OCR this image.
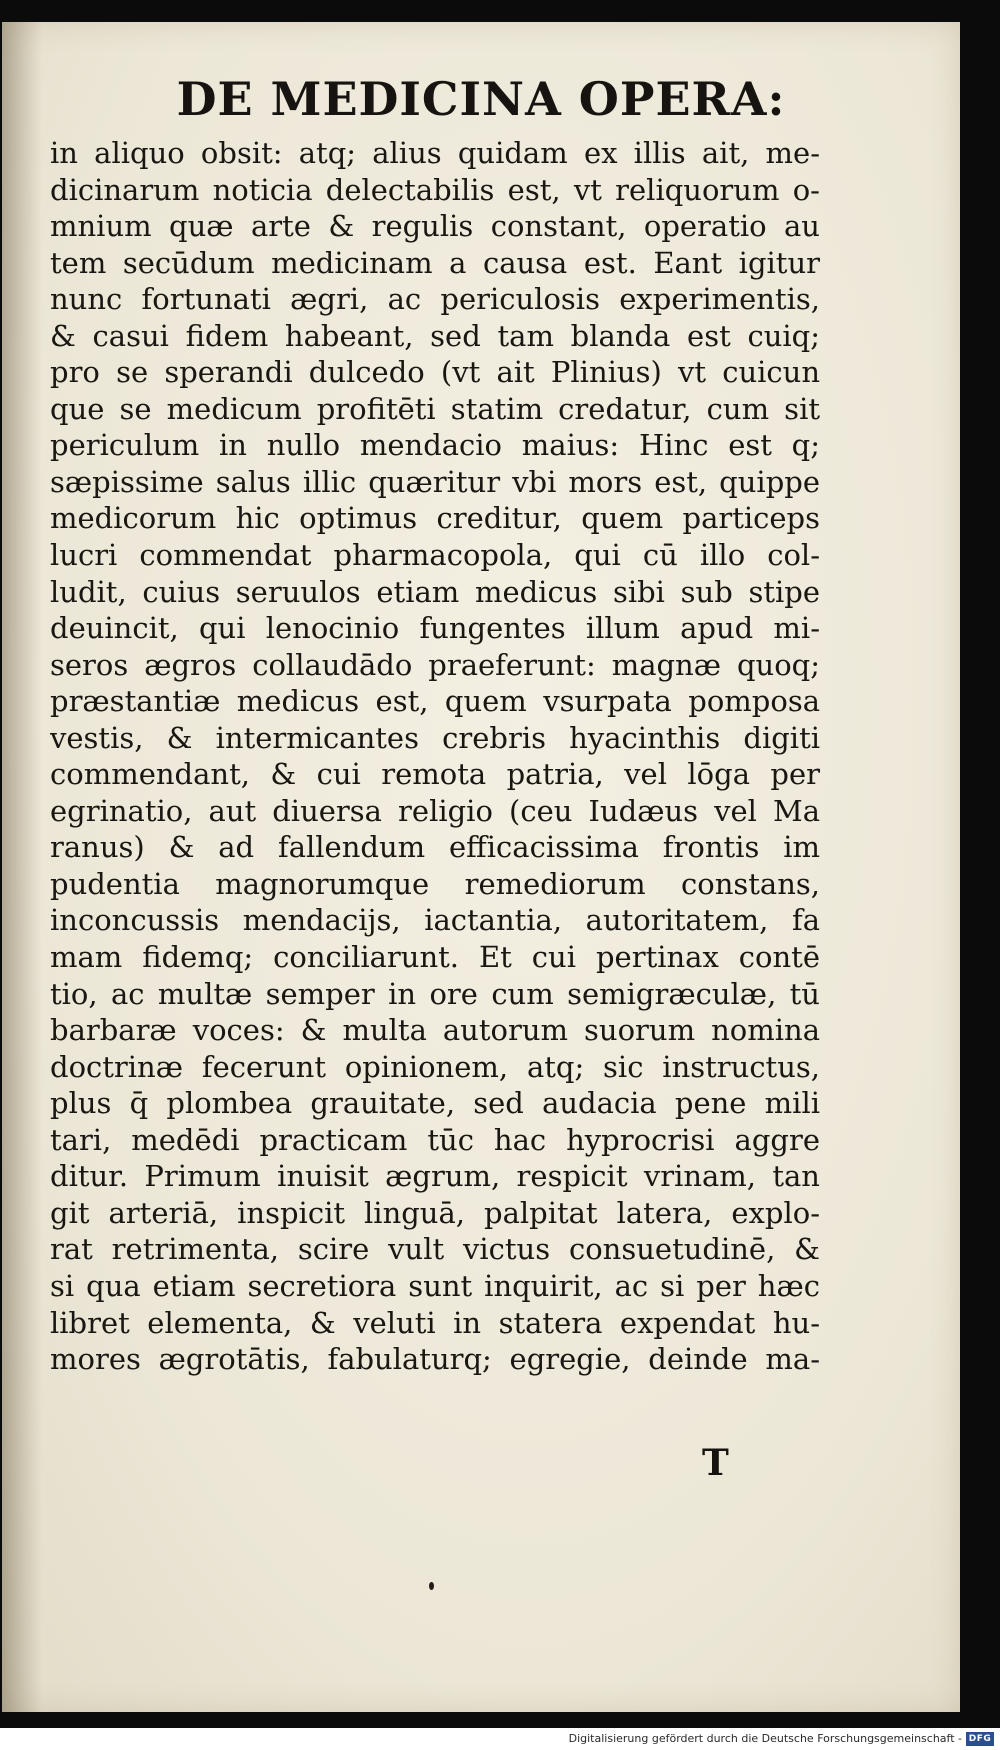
DE MEDICINA OPERA:
in aliquo obsit: atq; alius quidam ex illis ait, me-
dicinarum noticia delectabilis est, vt reliquorum o-
mnium quæ arte & regulis constant, operatio au
tem secūdum medicinam a causa est. Eant igitur
nunc fortunati ægri, ac periculosis experimentis,
& casui fidem habeant, sed tam blanda est cuiq;
pro se sperandi dulcedo (vt ait Plinius) vt cuicun
que se medicum profitēti statim credatur, cum sit
periculum in nullo mendacio maius: Hinc est q;
sæpissime salus illic quæritur vbi mors est, quippe
medicorum hic optimus creditur, quem particeps
lucri commendat pharmacopola, qui cū illo col-
ludit, cuius seruulos etiam medicus sibi sub stipe
deuincit, qui lenocinio fungentes illum apud mi-
seros ægros collaudādo praeferunt: magnæ quoq;
præstantiæ medicus est, quem vsurpata pomposa
vestis, & intermicantes crebris hyacinthis digiti
commendant, & cui remota patria, vel lōga per
egrinatio, aut diuersa religio (ceu Iudæus vel Ma
ranus) & ad fallendum efficacissima frontis im
pudentia magnorumque remediorum constans,
inconcussis mendacijs, iactantia, autoritatem, fa
mam fidemq; conciliarunt. Et cui pertinax contē
tio, ac multæ semper in ore cum semigræculæ, tū
barbaræ voces: & multa autorum suorum nomina
doctrinæ fecerunt opinionem, atq; sic instructus,
plus q̄ plombea grauitate, sed audacia pene mili
tari, medēdi practicam tūc hac hyprocrisi aggre
ditur. Primum inuisit ægrum, respicit vrinam, tan
git arteriā, inspicit linguā, palpitat latera, explo-
rat retrimenta, scire vult victus consuetudinē, &
si qua etiam secretiora sunt inquirit, ac si per hæc
libret elementa, & veluti in statera expendat hu-
mores ægrotātis, fabulaturq; egregie, deinde ma-
T
Digitalisierung gefördert durch die Deutsche Forschungsgemeinschaft - DFG
